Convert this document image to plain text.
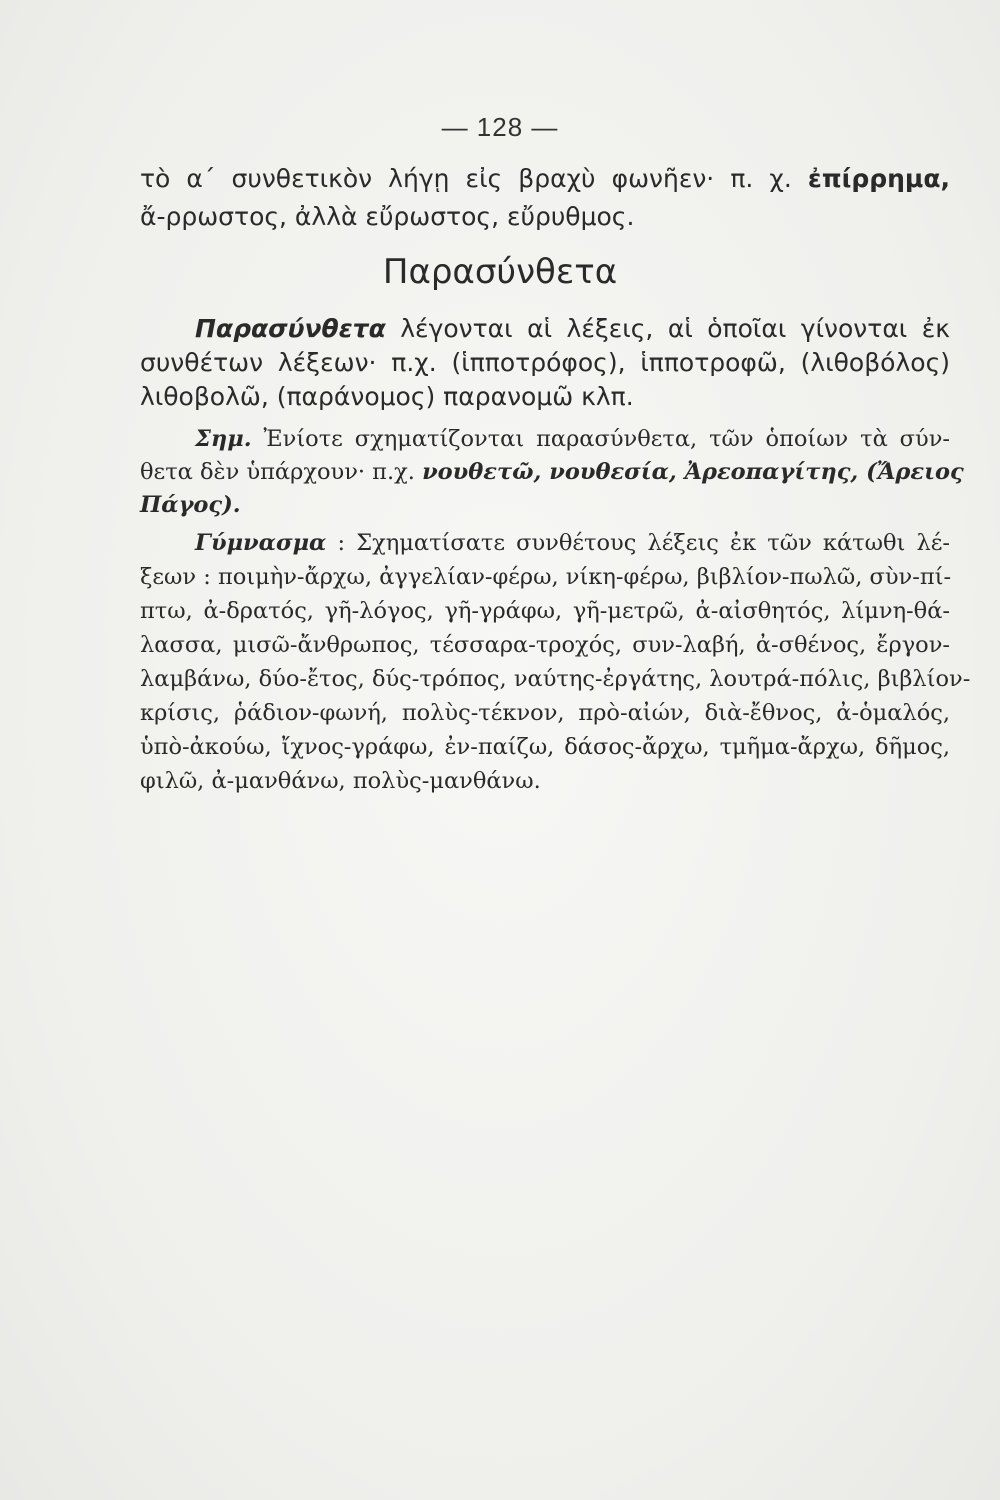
— 128 —
τὸ α΄ συνθετικὸν λήγῃ εἰς βραχὺ φωνῆεν· π. χ. ἐπίρρημα,
ἄ-ρρωστος, ἀλλὰ εὔρωστος, εὔρυθμος.
Παρασύνθετα
Παρασύνθετα λέγονται αἱ λέξεις, αἱ ὁποῖαι γίνονται ἐκ
συνθέτων λέξεων· π.χ. (ἱπποτρόφος), ἱπποτροφῶ, (λιθοβόλος)
λιθοβολῶ, (παράνομος) παρανομῶ κλπ.
Σημ. Ἐνίοτε σχηματίζονται παρασύνθετα, τῶν ὁποίων τὰ σύν-
θετα δὲν ὑπάρχουν· π.χ. νουθετῶ, νουθεσία, Ἀρεοπαγίτης, (Ἄρειος
Πάγος).
Γύμνασμα : Σχηματίσατε συνθέτους λέξεις ἐκ τῶν κάτωθι λέ-
ξεων : ποιμὴν-ἄρχω, ἀγγελίαν-φέρω, νίκη-φέρω, βιβλίον-πωλῶ, σὺν-πί-
πτω, ἀ-δρατός, γῆ-λόγος, γῆ-γράφω, γῆ-μετρῶ, ἀ-αἰσθητός, λίμνη-θά-
λασσα, μισῶ-ἄνθρωπος, τέσσαρα-τροχός, συν-λαβή, ἀ-σθένος, ἔργον-
λαμβάνω, δύο-ἔτος, δύς-τρόπος, ναύτης-ἐργάτης, λουτρά-πόλις, βιβλίον-
κρίσις, ῥάδιον-φωνή, πολὺς-τέκνον, πρὸ-αἰών, διὰ-ἔθνος, ἀ-ὁμαλός,
ὑπὸ-ἀκούω, ἴχνος-γράφω, ἐν-παίζω, δάσος-ἄρχω, τμῆμα-ἄρχω, δῆμος,
φιλῶ, ἀ-μανθάνω, πολὺς-μανθάνω.
